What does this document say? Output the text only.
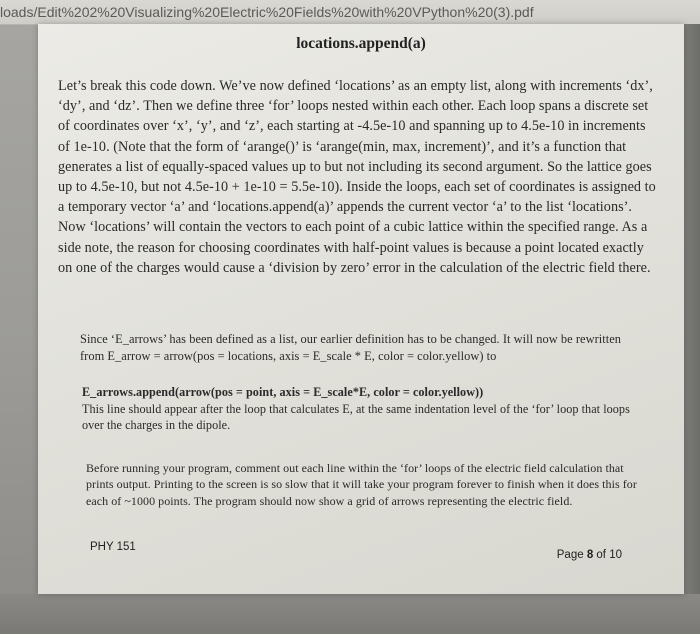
loads/Edit%202%20Visualizing%20Electric%20Fields%20with%20VPython%20(3).pdf
locations.append(a)

Let’s break this code down. We’ve now defined ‘locations’ as an empty list, along with increments ‘dx’, ‘dy’, and ‘dz’. Then we define three ‘for’ loops nested within each other. Each loop spans a discrete set of coordinates over ‘x’, ‘y’, and ‘z’, each starting at -4.5e-10 and spanning up to 4.5e-10 in increments of 1e-10. (Note that the form of ‘arange()’ is ‘arange(min, max, increment)’, and it’s a function that generates a list of equally-spaced values up to but not including its second argument. So the lattice goes up to 4.5e-10, but not 4.5e-10 + 1e-10 = 5.5e-10). Inside the loops, each set of coordinates is assigned to a temporary vector ‘a’ and ‘locations.append(a)’ appends the current vector ‘a’ to the list ‘locations’. Now ‘locations’ will contain the vectors to each point of a cubic lattice within the specified range. As a side note, the reason for choosing coordinates with half-point values is because a point located exactly on one of the charges would cause a ‘division by zero’ error in the calculation of the electric field there.

Since ‘E_arrows’ has been defined as a list, our earlier definition has to be changed. It will now be rewritten from E_arrow = arrow(pos = locations, axis = E_scale * E, color = color.yellow) to

E_arrows.append(arrow(pos = point, axis = E_scale*E, color = color.yellow))
This line should appear after the loop that calculates E, at the same indentation level of the ‘for’ loop that loops over the charges in the dipole.

Before running your program, comment out each line within the ‘for’ loops of the electric field calculation that prints output. Printing to the screen is so slow that it will take your program forever to finish when it does this for each of ~1000 points. The program should now show a grid of arrows representing the electric field.

PHY 151
Page 8 of 10
